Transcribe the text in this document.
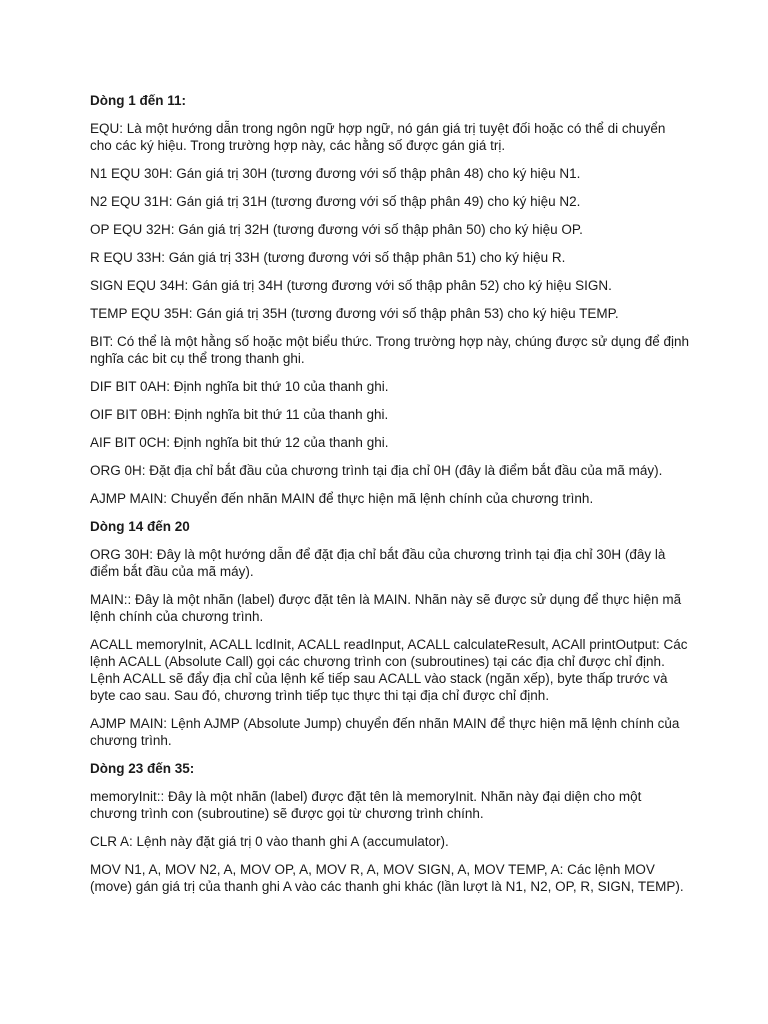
Dòng 1 đến 11:

EQU: Là một hướng dẫn trong ngôn ngữ hợp ngữ, nó gán giá trị tuyệt đối hoặc có thể di chuyển cho các ký hiệu. Trong trường hợp này, các hằng số được gán giá trị.

N1 EQU 30H: Gán giá trị 30H (tương đương với số thập phân 48) cho ký hiệu N1.

N2 EQU 31H: Gán giá trị 31H (tương đương với số thập phân 49) cho ký hiệu N2.

OP EQU 32H: Gán giá trị 32H (tương đương với số thập phân 50) cho ký hiệu OP.

R EQU 33H: Gán giá trị 33H (tương đương với số thập phân 51) cho ký hiệu R.

SIGN EQU 34H: Gán giá trị 34H (tương đương với số thập phân 52) cho ký hiệu SIGN.

TEMP EQU 35H: Gán giá trị 35H (tương đương với số thập phân 53) cho ký hiệu TEMP.

BIT: Có thể là một hằng số hoặc một biểu thức. Trong trường hợp này, chúng được sử dụng để định nghĩa các bit cụ thể trong thanh ghi.

DIF BIT 0AH: Định nghĩa bit thứ 10 của thanh ghi.

OIF BIT 0BH: Định nghĩa bit thứ 11 của thanh ghi.

AIF BIT 0CH: Định nghĩa bit thứ 12 của thanh ghi.

ORG 0H: Đặt địa chỉ bắt đầu của chương trình tại địa chỉ 0H (đây là điểm bắt đầu của mã máy).

AJMP MAIN: Chuyển đến nhãn MAIN để thực hiện mã lệnh chính của chương trình.

Dòng 14 đến 20

ORG 30H: Đây là một hướng dẫn để đặt địa chỉ bắt đầu của chương trình tại địa chỉ 30H (đây là điểm bắt đầu của mã máy).

MAIN:: Đây là một nhãn (label) được đặt tên là MAIN. Nhãn này sẽ được sử dụng để thực hiện mã lệnh chính của chương trình.

ACALL memoryInit, ACALL lcdInit, ACALL readInput, ACALL calculateResult, ACAll printOutput: Các lệnh ACALL (Absolute Call) gọi các chương trình con (subroutines) tại các địa chỉ được chỉ định. Lệnh ACALL sẽ đẩy địa chỉ của lệnh kế tiếp sau ACALL vào stack (ngăn xếp), byte thấp trước và byte cao sau. Sau đó, chương trình tiếp tục thực thi tại địa chỉ được chỉ định.

AJMP MAIN: Lệnh AJMP (Absolute Jump) chuyển đến nhãn MAIN để thực hiện mã lệnh chính của chương trình.

Dòng 23 đến 35:

memoryInit:: Đây là một nhãn (label) được đặt tên là memoryInit. Nhãn này đại diện cho một chương trình con (subroutine) sẽ được gọi từ chương trình chính.

CLR A: Lệnh này đặt giá trị 0 vào thanh ghi A (accumulator).

MOV N1, A, MOV N2, A, MOV OP, A, MOV R, A, MOV SIGN, A, MOV TEMP, A: Các lệnh MOV (move) gán giá trị của thanh ghi A vào các thanh ghi khác (lần lượt là N1, N2, OP, R, SIGN, TEMP).
